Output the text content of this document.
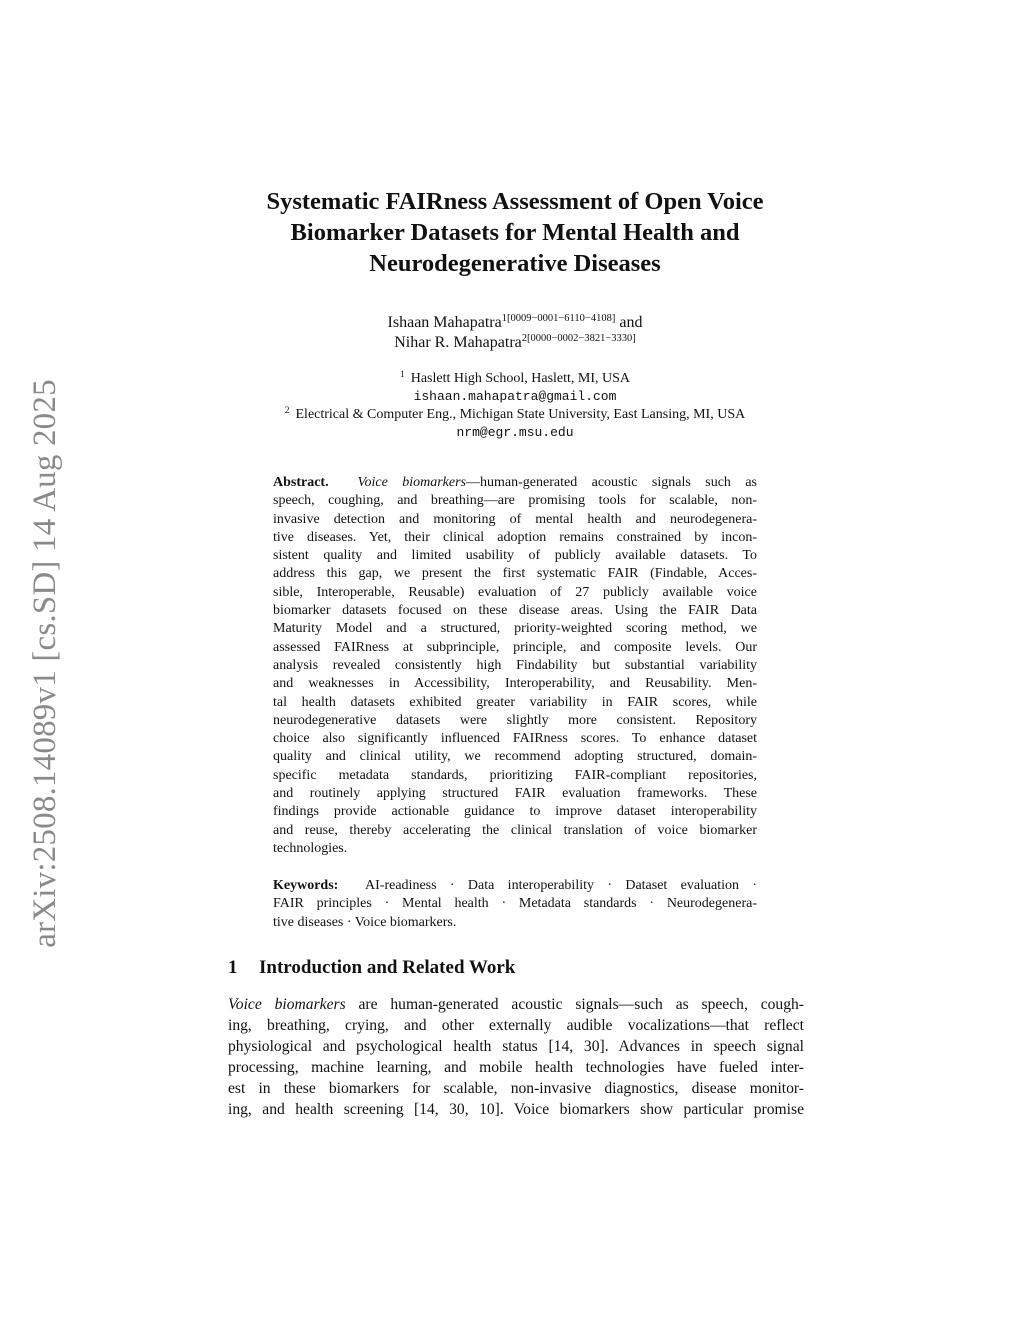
arXiv:2508.14089v1 [cs.SD] 14 Aug 2025
Systematic FAIRness Assessment of Open Voice
Biomarker Datasets for Mental Health and
Neurodegenerative Diseases
Ishaan Mahapatra$^{1[0009-0001-6110-4108]}$ and
Nihar R. Mahapatra$^{2[0000-0002-3821-3330]}$
$^1$ Haslett High School, Haslett, MI, USA
ishaan.mahapatra@gmail.com
$^2$ Electrical & Computer Eng., Michigan State University, East Lansing, MI, USA
nrm@egr.msu.edu
Abstract. Voice biomarkers—human-generated acoustic signals such as
speech, coughing, and breathing—are promising tools for scalable, non-
invasive detection and monitoring of mental health and neurodegenera-
tive diseases. Yet, their clinical adoption remains constrained by incon-
sistent quality and limited usability of publicly available datasets. To
address this gap, we present the first systematic FAIR (Findable, Acces-
sible, Interoperable, Reusable) evaluation of 27 publicly available voice
biomarker datasets focused on these disease areas. Using the FAIR Data
Maturity Model and a structured, priority-weighted scoring method, we
assessed FAIRness at subprinciple, principle, and composite levels. Our
analysis revealed consistently high Findability but substantial variability
and weaknesses in Accessibility, Interoperability, and Reusability. Men-
tal health datasets exhibited greater variability in FAIR scores, while
neurodegenerative datasets were slightly more consistent. Repository
choice also significantly influenced FAIRness scores. To enhance dataset
quality and clinical utility, we recommend adopting structured, domain-
specific metadata standards, prioritizing FAIR-compliant repositories,
and routinely applying structured FAIR evaluation frameworks. These
findings provide actionable guidance to improve dataset interoperability
and reuse, thereby accelerating the clinical translation of voice biomarker
technologies.
Keywords: AI-readiness · Data interoperability · Dataset evaluation ·
FAIR principles · Mental health · Metadata standards · Neurodegenera-
tive diseases · Voice biomarkers.
1 Introduction and Related Work
Voice biomarkers are human-generated acoustic signals—such as speech, cough-
ing, breathing, crying, and other externally audible vocalizations—that reflect
physiological and psychological health status [14, 30]. Advances in speech signal
processing, machine learning, and mobile health technologies have fueled inter-
est in these biomarkers for scalable, non-invasive diagnostics, disease monitor-
ing, and health screening [14, 30, 10]. Voice biomarkers show particular promise
